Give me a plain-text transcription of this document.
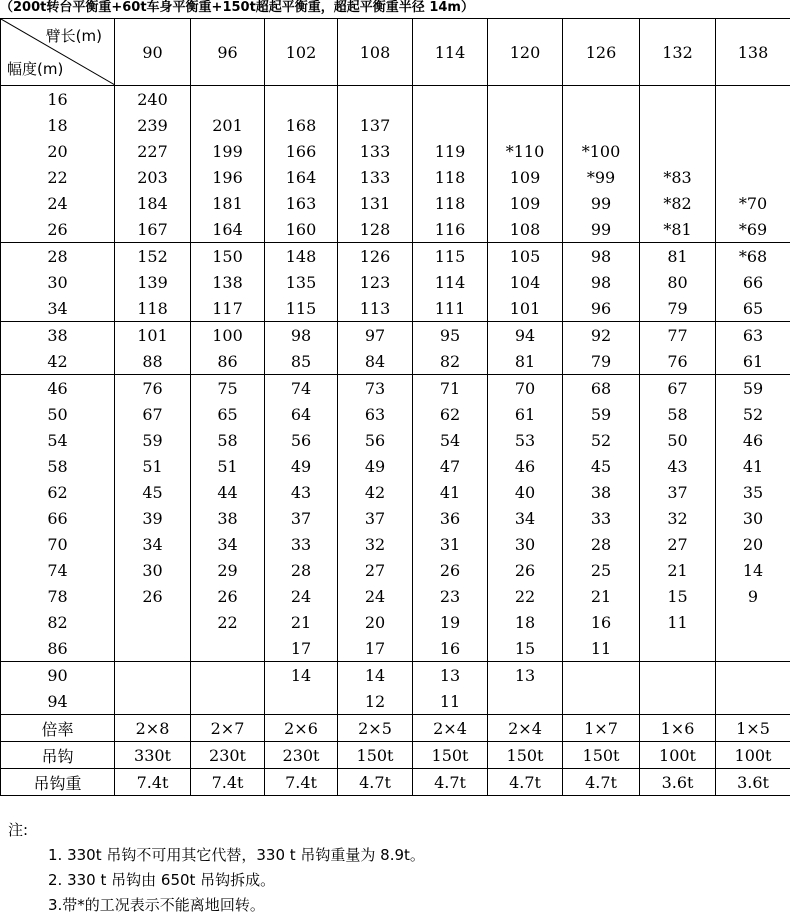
（200t转台平衡重+60t车身平衡重+150t超起平衡重，超起平衡重半径 14m）
臂长(m)
幅度(m)	90	96	102	108	114	120	126	132	138
16	240								
18	239	201	168	137					
20	227	199	166	133	119	*110	*100		
22	203	196	164	133	118	109	*99	*83	
24	184	181	163	131	118	109	99	*82	*70
26	167	164	160	128	116	108	99	*81	*69
28	152	150	148	126	115	105	98	81	*68
30	139	138	135	123	114	104	98	80	66
34	118	117	115	113	111	101	96	79	65
38	101	100	98	97	95	94	92	77	63
42	88	86	85	84	82	81	79	76	61
46	76	75	74	73	71	70	68	67	59
50	67	65	64	63	62	61	59	58	52
54	59	58	56	56	54	53	52	50	46
58	51	51	49	49	47	46	45	43	41
62	45	44	43	42	41	40	38	37	35
66	39	38	37	37	36	34	33	32	30
70	34	34	33	32	31	30	28	27	20
74	30	29	28	27	26	26	25	21	14
78	26	26	24	24	23	22	21	15	9
82		22	21	20	19	18	16	11	
86			17	17	16	15	11		
90			14	14	13	13			
94				12	11				
倍率	2×8	2×7	2×6	2×5	2×4	2×4	1×7	1×6	1×5
吊钩	330t	230t	230t	150t	150t	150t	150t	100t	100t
吊钩重	7.4t	7.4t	7.4t	4.7t	4.7t	4.7t	4.7t	3.6t	3.6t
注:
1. 330t 吊钩不可用其它代替，330 t 吊钩重量为 8.9t。
2. 330 t 吊钩由 650t 吊钩拆成。
3.带*的工况表示不能离地回转。
